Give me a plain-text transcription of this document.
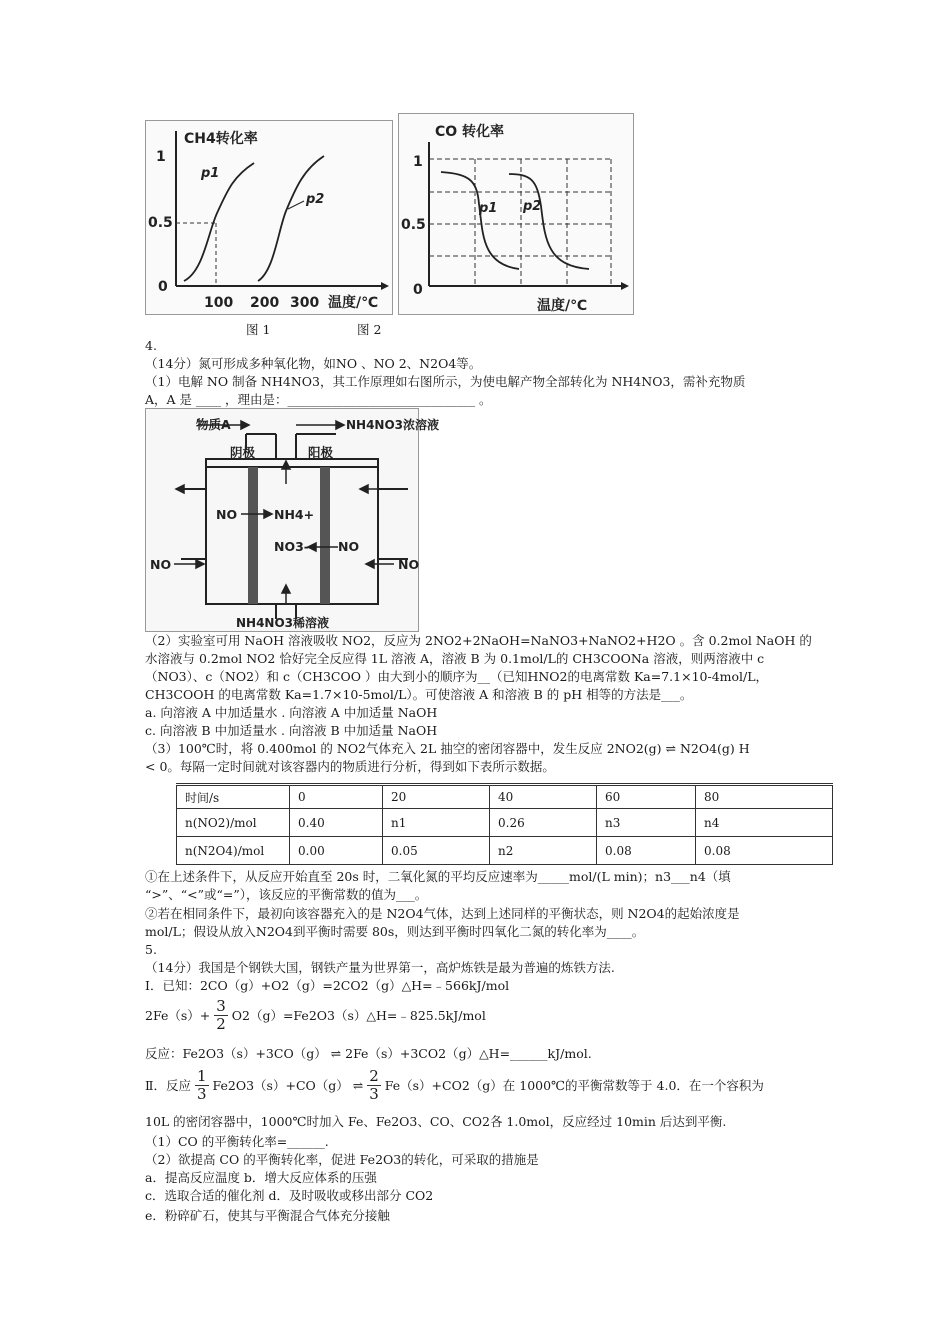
CH4转化率
1
0.5
0
100 200 300 温度/℃
p1
p2
CO 转化率
1
0.5
0
温度/℃
p1 p2
图 1	图 2
4.
（14分）氮可形成多种氧化物，如NO 、NO 2、N2O4等。
（1）电解 NO 制备 NH4NO3，其工作原理如右图所示，为使电解产物全部转化为 NH4NO3，需补充物质
A，A 是 ____ ，理由是：______________________________ 。
物质A	NH4NO3浓溶液
阴极	阳极
NO	NH4+
NO3- NO
NO	NO
NH4NO3稀溶液
（2）实验室可用 NaOH 溶液吸收 NO2，反应为 2NO2+2NaOH=NaNO3+NaNO2+H2O 。含 0.2mol NaOH 的
水溶液与 0.2mol NO2 恰好完全反应得 1L 溶液 A，溶液 B 为 0.1mol/L的 CH3COONa 溶液，则两溶液中 c
（NO3）、c（NO2）和 c（CH3COO ）由大到小的顺序为__（已知HNO2的电离常数 Ka=7.1×10-4mol/L，
CH3COOH 的电离常数 Ka=1.7×10-5mol/L）。可使溶液 A 和溶液 B 的 pH 相等的方法是___。
a. 向溶液 A 中加适量水 . 向溶液 A 中加适量 NaOH
c. 向溶液 B 中加适量水 . 向溶液 B 中加适量 NaOH
（3）100℃时，将 0.400mol 的 NO2气体充入 2L 抽空的密闭容器中，发生反应 2NO2(g) ⇌ N2O4(g) H
< 0。每隔一定时间就对该容器内的物质进行分析，得到如下表所示数据。
时间/s	0	20	40	60	80
n(NO2)/mol	0.40	n1	0.26	n3	n4
n(N2O4)/mol	0.00	0.05	n2	0.08	0.08
①在上述条件下，从反应开始直至 20s 时，二氧化氮的平均反应速率为_____mol/(L min)；n3___n4（填
“>”、“<”或“=”），该反应的平衡常数的值为___。
②若在相同条件下，最初向该容器充入的是 N2O4气体，达到上述同样的平衡状态，则 N2O4的起始浓度是
mol/L；假设从放入N2O4到平衡时需要 80s，则达到平衡时四氧化二氮的转化率为____。
5.
（14分）我国是个钢铁大国，钢铁产量为世界第一，高炉炼铁是最为普遍的炼铁方法.
Ⅰ．已知：2CO（g）+O2（g）=2CO2（g）△H=﹣566kJ/mol
$2Fe(s)+ \frac{3}{2}$ O2（g）=Fe2O3（s）△H=﹣825.5kJ/mol
反应：Fe2O3（s）+3CO（g） ⇌ 2Fe（s）+3CO2（g）△H=______kJ/mol.
Ⅱ．反应 $\frac{1}{3} Fe2O3(s)+CO(g)$ ⇌ $\frac{2}{3} Fe(s)+CO2(g)$在 1000℃的平衡常数等于 4.0．在一个容积为
10L 的密闭容器中，1000℃时加入 Fe、Fe2O3、CO、CO2各 1.0mol，反应经过 10min 后达到平衡.
（1）CO 的平衡转化率=______.
（2）欲提高 CO 的平衡转化率，促进 Fe2O3的转化，可采取的措施是
a．提高反应温度 b．增大反应体系的压强
c．选取合适的催化剂 d．及时吸收或移出部分 CO2
e．粉碎矿石，使其与平衡混合气体充分接触
